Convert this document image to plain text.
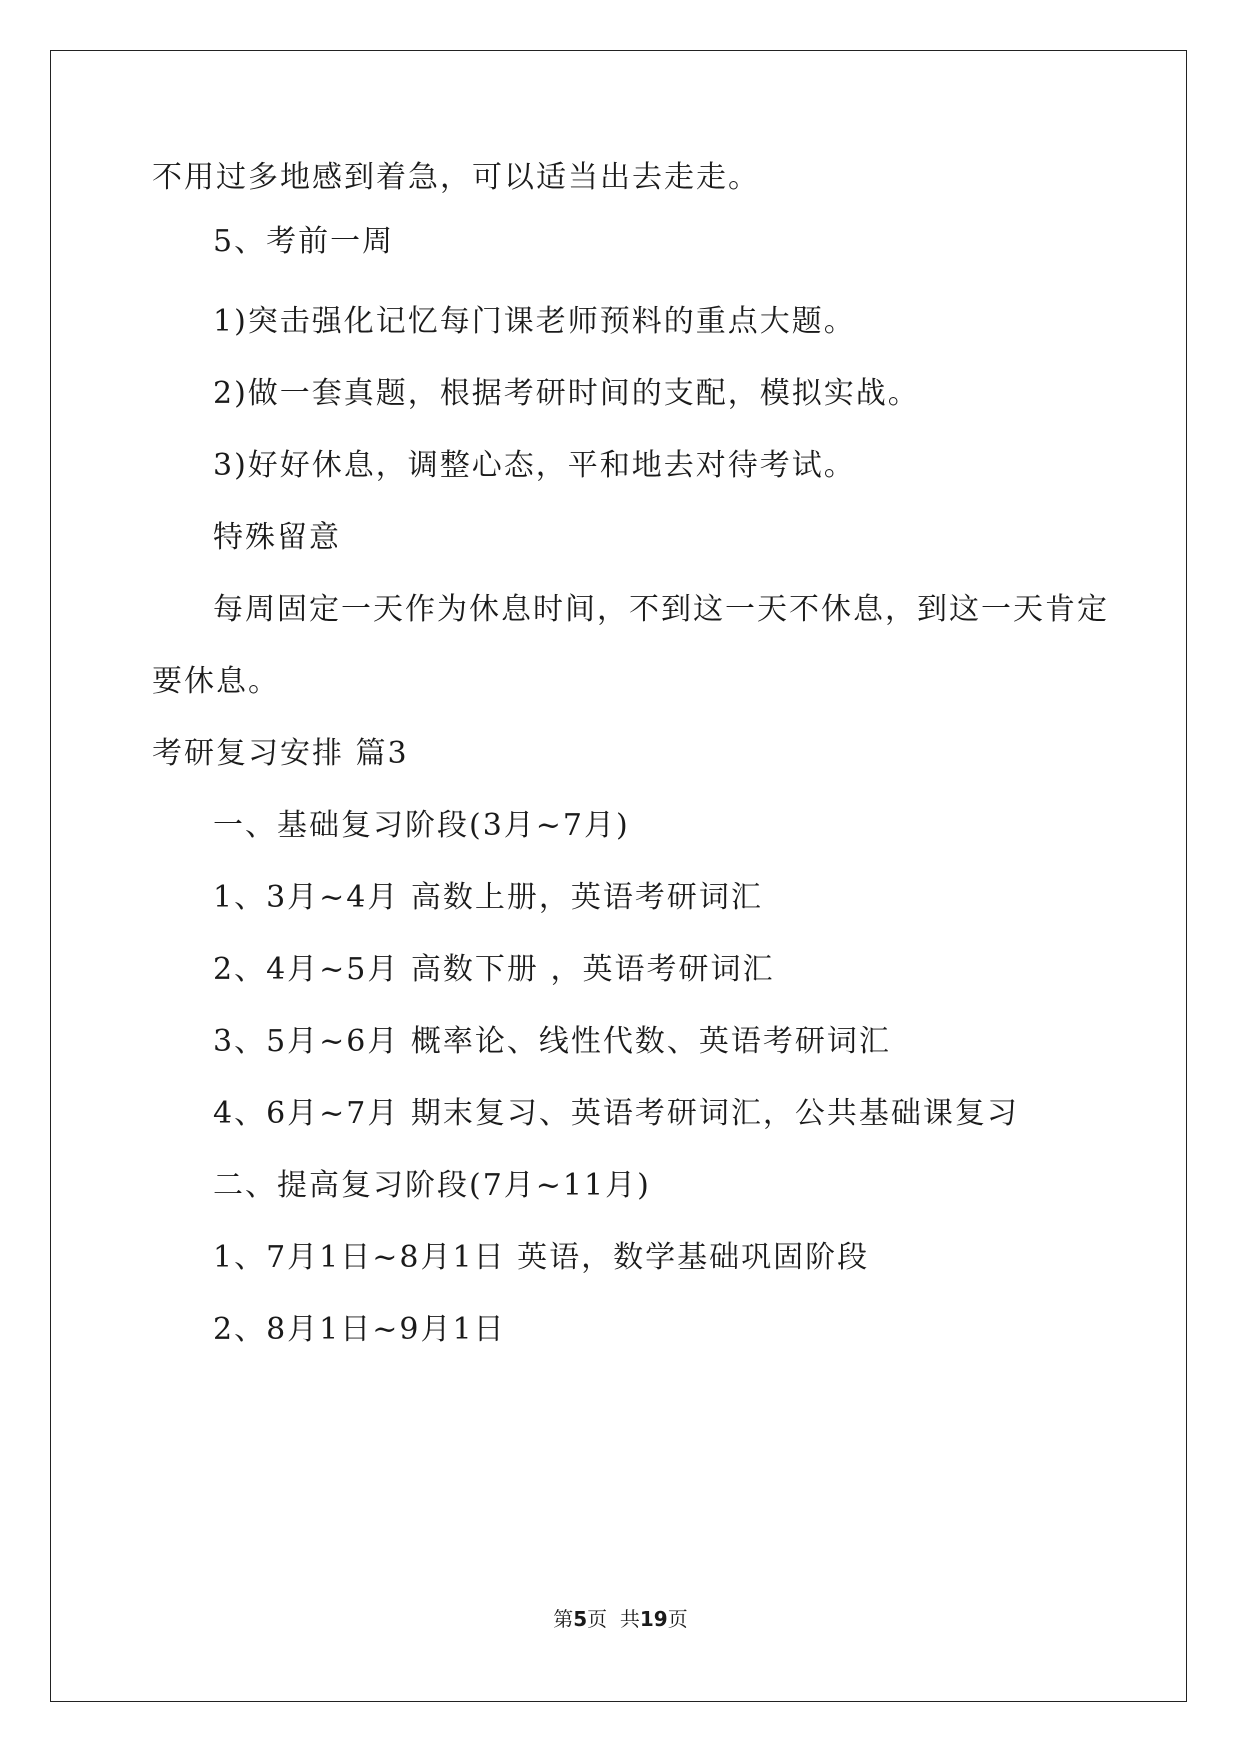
不用过多地感到着急，可以适当出去走走。
5、考前一周
1)突击强化记忆每门课老师预料的重点大题。
2)做一套真题，根据考研时间的支配，模拟实战。
3)好好休息，调整心态，平和地去对待考试。
特殊留意
每周固定一天作为休息时间，不到这一天不休息，到这一天肯定
要休息。
考研复习安排 篇3
一、基础复习阶段(3月~7月)
1、3月~4月 高数上册，英语考研词汇
2、4月~5月 高数下册 ，英语考研词汇
3、5月~6月 概率论、线性代数、英语考研词汇
4、6月~7月 期末复习、英语考研词汇，公共基础课复习
二、提高复习阶段(7月~11月)
1、7月1日~8月1日 英语，数学基础巩固阶段
2、8月1日~9月1日
第5页  共19页
